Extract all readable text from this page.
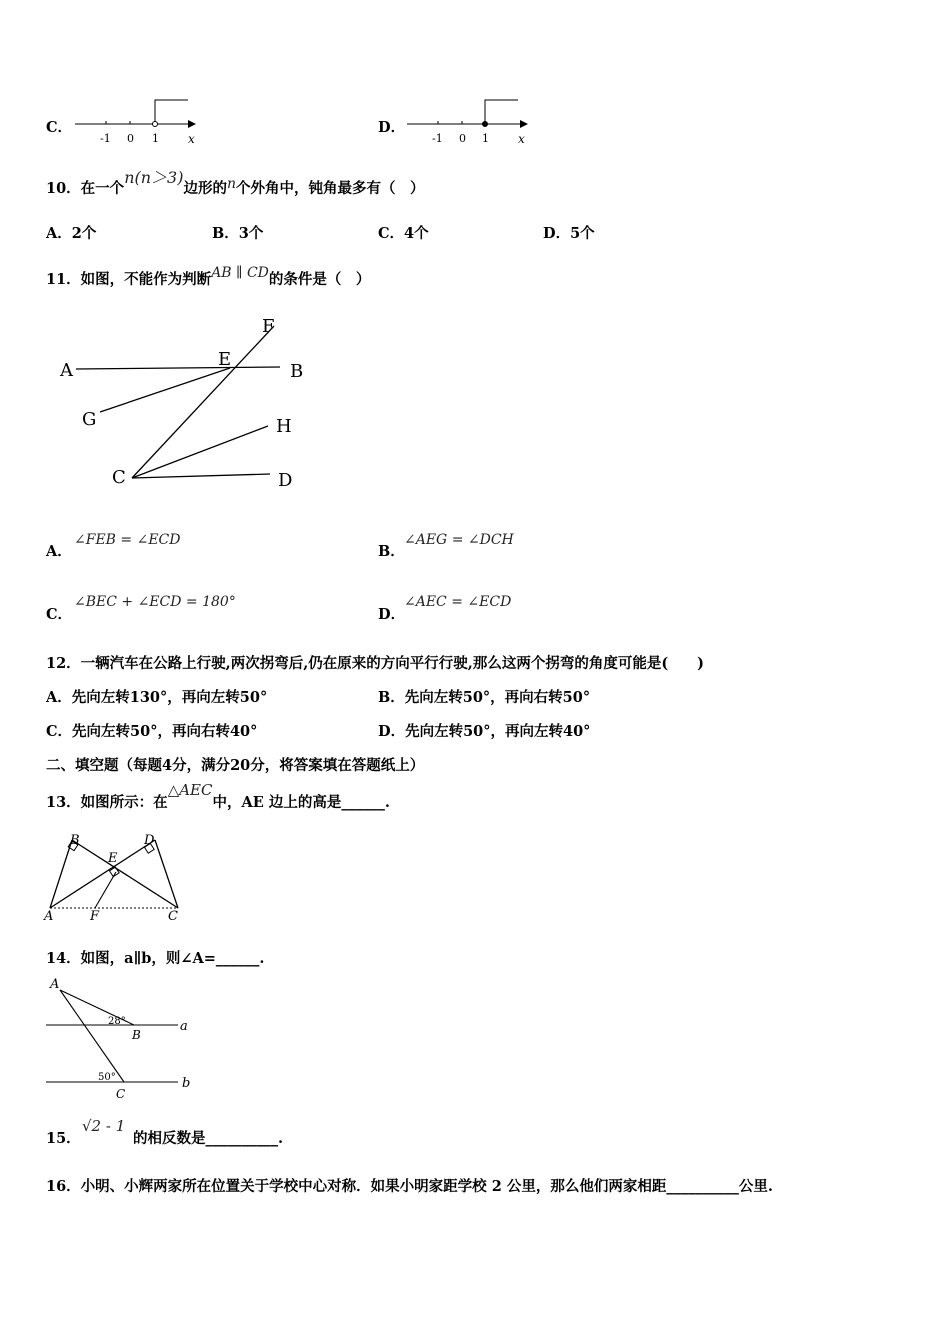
C．
-1 0 1 x
D．
-1 0 1 x
10．在一个n(n＞3)边形的n个外角中，钝角最多有（　）
A．2个	B．3个	C．4个	D．5个
11．如图，不能作为判断AB ∥ CD的条件是（　）
A	B
E
F
G
C
H
D
A．
∠FEB = ∠ECD
B．
∠AEG = ∠DCH
C．
∠BEC + ∠ECD = 180°
D．
∠AEC = ∠ECD
12．一辆汽车在公路上行驶,两次拐弯后,仍在原来的方向平行行驶,那么这两个拐弯的角度可能是(　　)
A．先向左转130°，再向左转50°	B．先向左转50°，再向右转50°
C．先向左转50°，再向右转40°	D．先向左转50°，再向左转40°
二、填空题（每题4分，满分20分，将答案填在答题纸上）
13．如图所示：在△AEC中，AE 边上的高是______.
B	D
E
A	F	C
14．如图，a∥b，则∠A=______.
A
B
C
a
b
28°
50°
15．
√2 - 1
的相反数是__________.
16．小明、小辉两家所在位置关于学校中心对称．如果小明家距学校 2 公里，那么他们两家相距__________公里.
